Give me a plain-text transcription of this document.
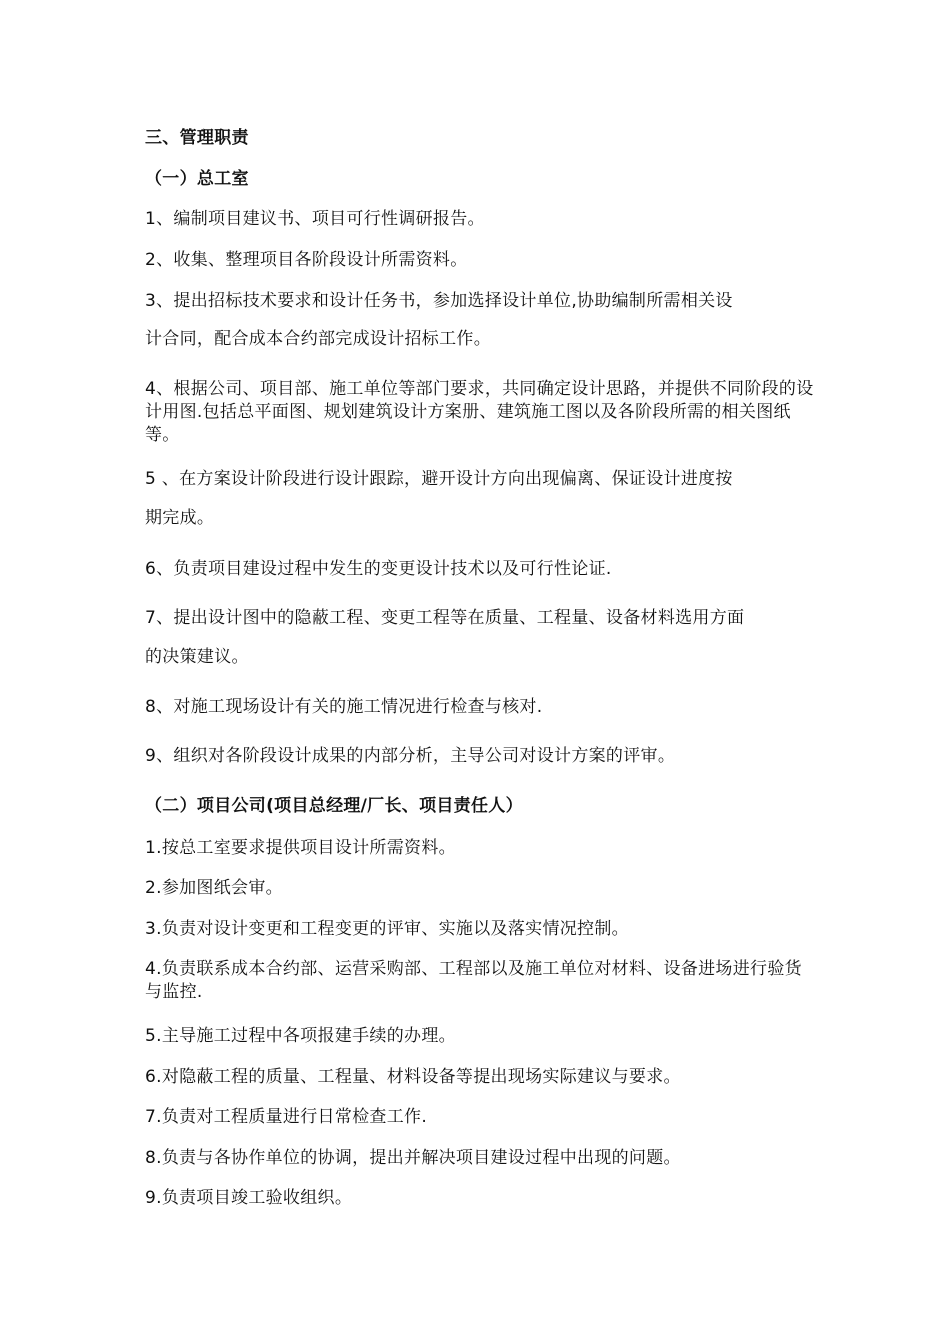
三、管理职责
（一）总工室
1、编制项目建议书、项目可行性调研报告。
2、收集、整理项目各阶段设计所需资料。
3、提出招标技术要求和设计任务书，参加选择设计单位,协助编制所需相关设
计合同，配合成本合约部完成设计招标工作。
4、根据公司、项目部、施工单位等部门要求，共同确定设计思路，并提供不同阶段的设计用图.包括总平面图、规划建筑设计方案册、建筑施工图以及各阶段所需的相关图纸等。
5 、在方案设计阶段进行设计跟踪，避开设计方向出现偏离、保证设计进度按
期完成。
6、负责项目建设过程中发生的变更设计技术以及可行性论证.
7、提出设计图中的隐蔽工程、变更工程等在质量、工程量、设备材料选用方面
的决策建议。
8、对施工现场设计有关的施工情况进行检查与核对.
9、组织对各阶段设计成果的内部分析，主导公司对设计方案的评审。
（二）项目公司(项目总经理/厂长、项目责任人）
1.按总工室要求提供项目设计所需资料。
2.参加图纸会审。
3.负责对设计变更和工程变更的评审、实施以及落实情况控制。
4.负责联系成本合约部、运营采购部、工程部以及施工单位对材料、设备进场进行验货与监控.
5.主导施工过程中各项报建手续的办理。
6.对隐蔽工程的质量、工程量、材料设备等提出现场实际建议与要求。
7.负责对工程质量进行日常检查工作.
8.负责与各协作单位的协调，提出并解决项目建设过程中出现的问题。
9.负责项目竣工验收组织。
